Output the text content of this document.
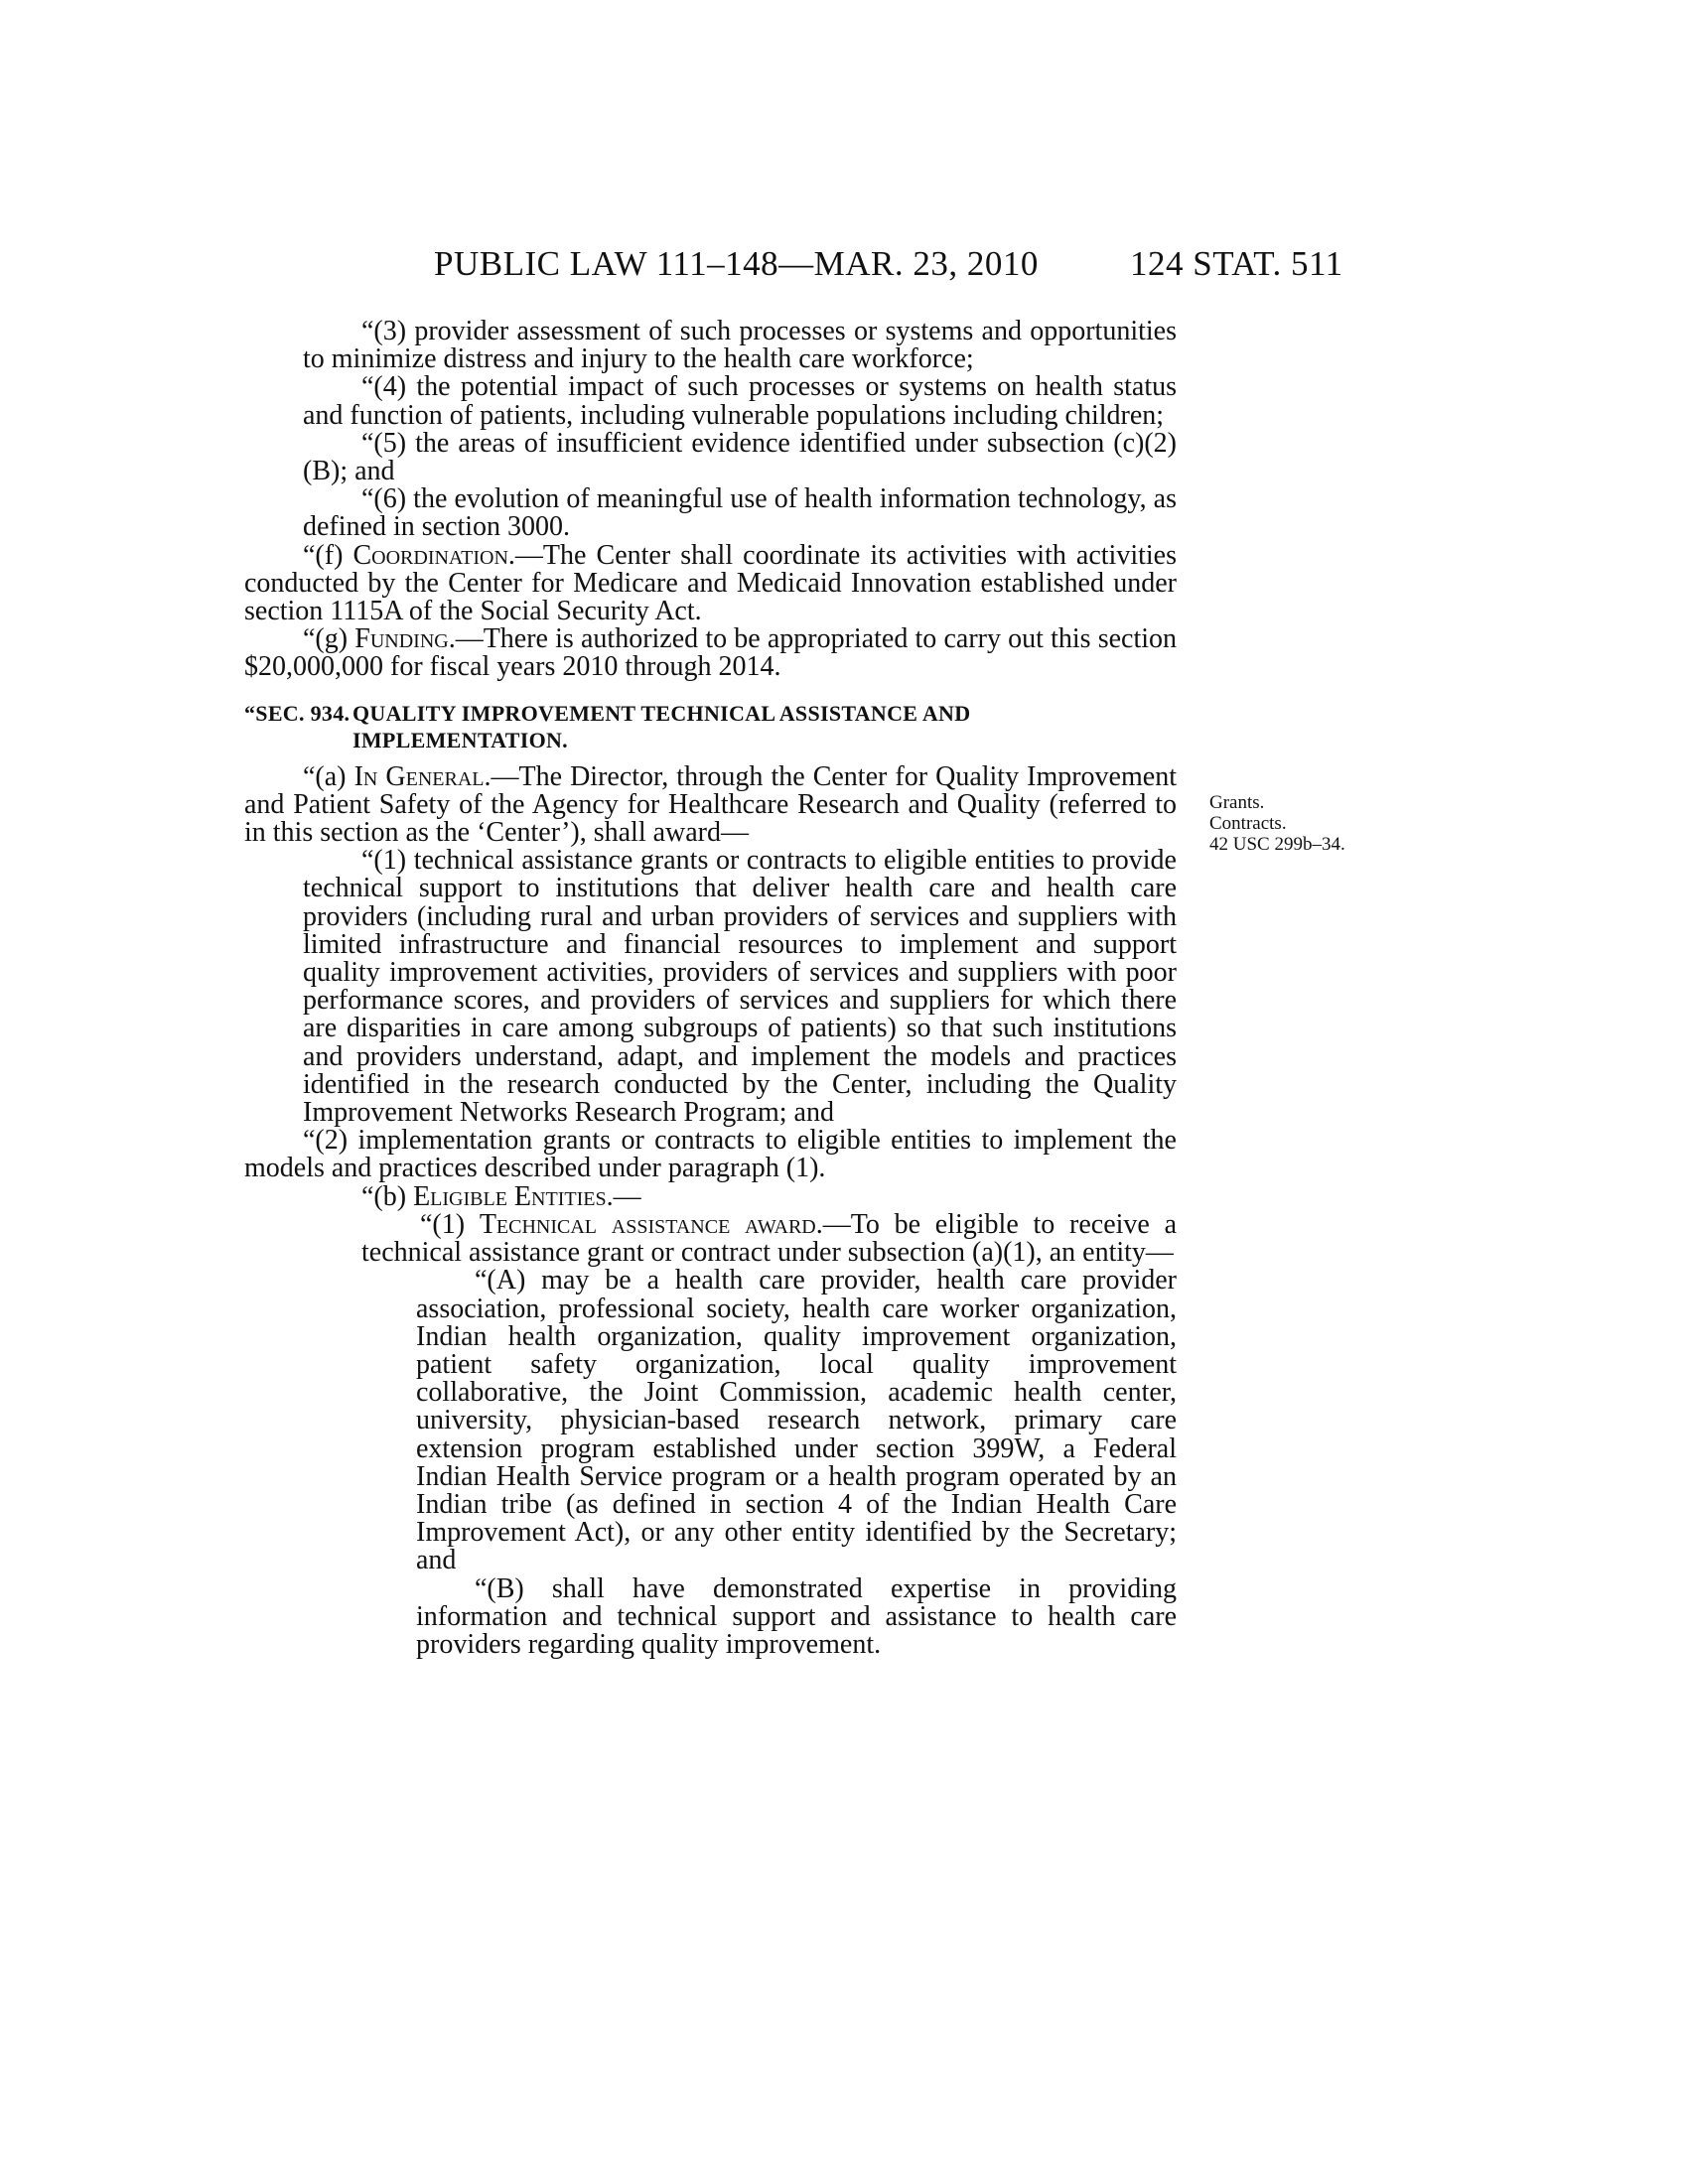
PUBLIC LAW 111–148—MAR. 23, 2010	124 STAT. 511
Grants.
Contracts.
42 USC 299b–34.

“(3) provider assessment of such processes or systems and opportunities to minimize distress and injury to the health care workforce;

“(4) the potential impact of such processes or systems on health status and function of patients, including vulnerable populations including children;

“(5) the areas of insufficient evidence identified under subsection (c)(2)(B); and

“(6) the evolution of meaningful use of health information technology, as defined in section 3000.

“(f) Coordination.—The Center shall coordinate its activities with activities conducted by the Center for Medicare and Medicaid Innovation established under section 1115A of the Social Security Act.

“(g) Funding.—There is authorized to be appropriated to carry out this section $20,000,000 for fiscal years 2010 through 2014.

“SEC. 934. QUALITY IMPROVEMENT TECHNICAL ASSISTANCE AND IMPLEMENTATION.

“(a) In General.—The Director, through the Center for Quality Improvement and Patient Safety of the Agency for Healthcare Research and Quality (referred to in this section as the ‘Center’), shall award—

“(1) technical assistance grants or contracts to eligible entities to provide technical support to institutions that deliver health care and health care providers (including rural and urban providers of services and suppliers with limited infrastructure and financial resources to implement and support quality improvement activities, providers of services and suppliers with poor performance scores, and providers of services and suppliers for which there are disparities in care among subgroups of patients) so that such institutions and providers understand, adapt, and implement the models and practices identified in the research conducted by the Center, including the Quality Improvement Networks Research Program; and

“(2) implementation grants or contracts to eligible entities to implement the models and practices described under paragraph (1).

“(b) Eligible Entities.—

“(1) Technical assistance award.—To be eligible to receive a technical assistance grant or contract under subsection (a)(1), an entity—

“(A) may be a health care provider, health care provider association, professional society, health care worker organization, Indian health organization, quality improvement organization, patient safety organization, local quality improvement collaborative, the Joint Commission, academic health center, university, physician-based research network, primary care extension program established under section 399W, a Federal Indian Health Service program or a health program operated by an Indian tribe (as defined in section 4 of the Indian Health Care Improvement Act), or any other entity identified by the Secretary; and

“(B) shall have demonstrated expertise in providing information and technical support and assistance to health care providers regarding quality improvement.
